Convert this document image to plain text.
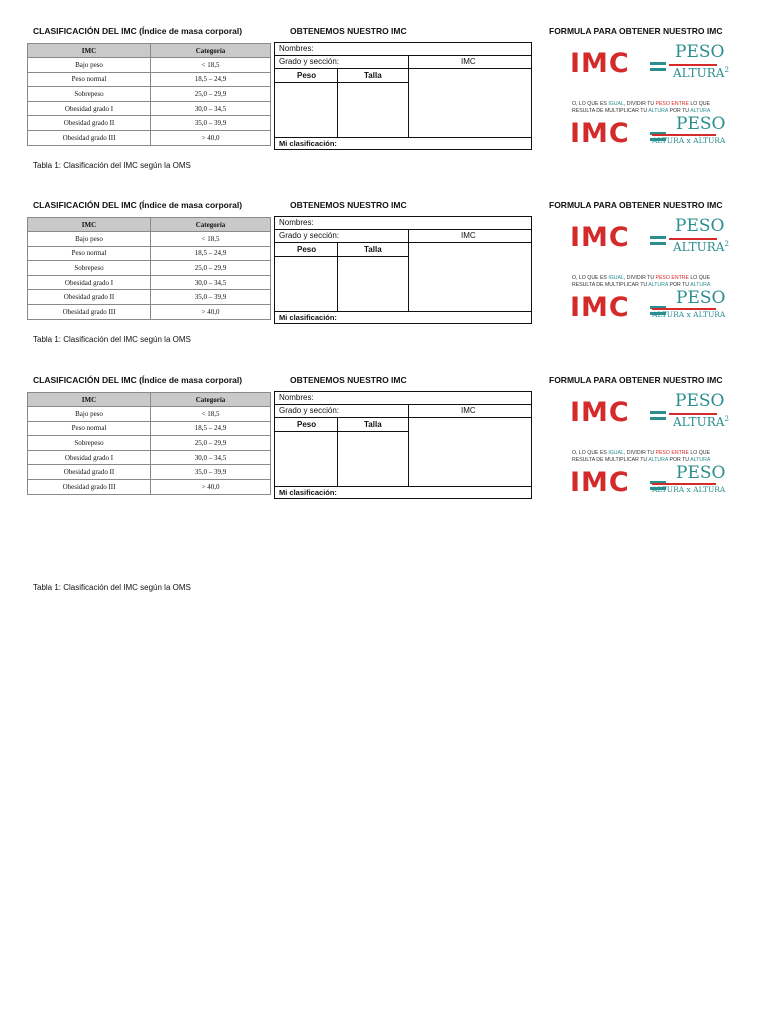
CLASIFICACIÓN DEL IMC (Índice de masa corporal)	OBTENEMOS NUESTRO IMC	FORMULA PARA OBTENER NUESTRO IMC
IMC	Categoría
Bajo peso	< 18,5
Peso normal	18,5 – 24,9
Sobrepeso	25,0 – 29,9
Obesidad grado I	30,0 – 34,5
Obesidad grado II	35,0 – 39,9
Obesidad grado III	> 40,0
Nombres:
Grado y sección:	IMC
Peso	Talla
Mi clasificación:
IMC	PESO
ALTURA$^2$
O, LO QUE ES IGUAL, DIVIDIR TU PESO ENTRE LO QUE
RESULTA DE MULTIPLICAR TU ALTURA POR TU ALTURA
IMC	PESO
ALTURA x ALTURA
Tabla 1: Clasificación del IMC según la OMS
CLASIFICACIÓN DEL IMC (Índice de masa corporal)	OBTENEMOS NUESTRO IMC	FORMULA PARA OBTENER NUESTRO IMC
IMC	Categoría
Bajo peso	< 18,5
Peso normal	18,5 – 24,9
Sobrepeso	25,0 – 29,9
Obesidad grado I	30,0 – 34,5
Obesidad grado II	35,0 – 39,9
Obesidad grado III	> 40,0
Nombres:
Grado y sección:	IMC
Peso	Talla
Mi clasificación:
IMC	PESO
ALTURA$^2$
O, LO QUE ES IGUAL, DIVIDIR TU PESO ENTRE LO QUE
RESULTA DE MULTIPLICAR TU ALTURA POR TU ALTURA
IMC	PESO
ALTURA x ALTURA
Tabla 1: Clasificación del IMC según la OMS
CLASIFICACIÓN DEL IMC (Índice de masa corporal)	OBTENEMOS NUESTRO IMC	FORMULA PARA OBTENER NUESTRO IMC
IMC	Categoría
Bajo peso	< 18,5
Peso normal	18,5 – 24,9
Sobrepeso	25,0 – 29,9
Obesidad grado I	30,0 – 34,5
Obesidad grado II	35,0 – 39,9
Obesidad grado III	> 40,0
Nombres:
Grado y sección:	IMC
Peso	Talla
Mi clasificación:
IMC	PESO
ALTURA$^2$
O, LO QUE ES IGUAL, DIVIDIR TU PESO ENTRE LO QUE
RESULTA DE MULTIPLICAR TU ALTURA POR TU ALTURA
IMC	PESO
ALTURA x ALTURA
Tabla 1: Clasificación del IMC según la OMS
